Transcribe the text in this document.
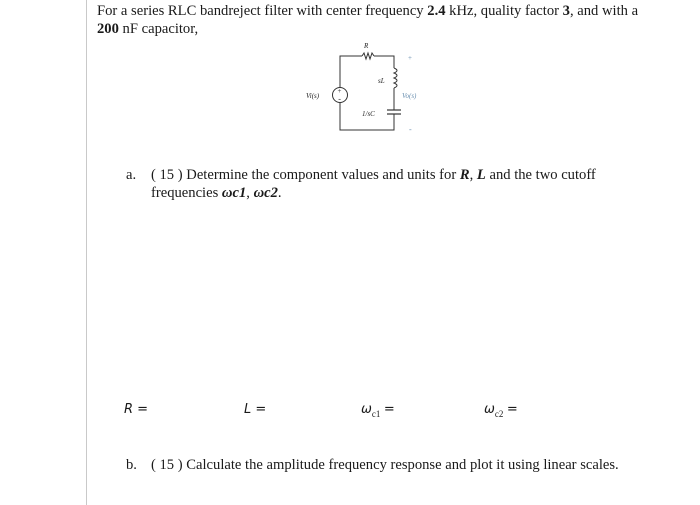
For a series RLC bandreject filter with center frequency 2.4 kHz, quality factor 3, and with a 200 nF capacitor,
+
-
R
sL
1/sC
Vi(s)	Vo(s)
+
-
a. ( 15 ) Determine the component values and units for R, L and the two cutoff frequencies ωc1, ωc2.
R =	L =	$\omega_{c1}$ =	$\omega_{c2}$ =
b. ( 15 ) Calculate the amplitude frequency response and plot it using linear scales.
